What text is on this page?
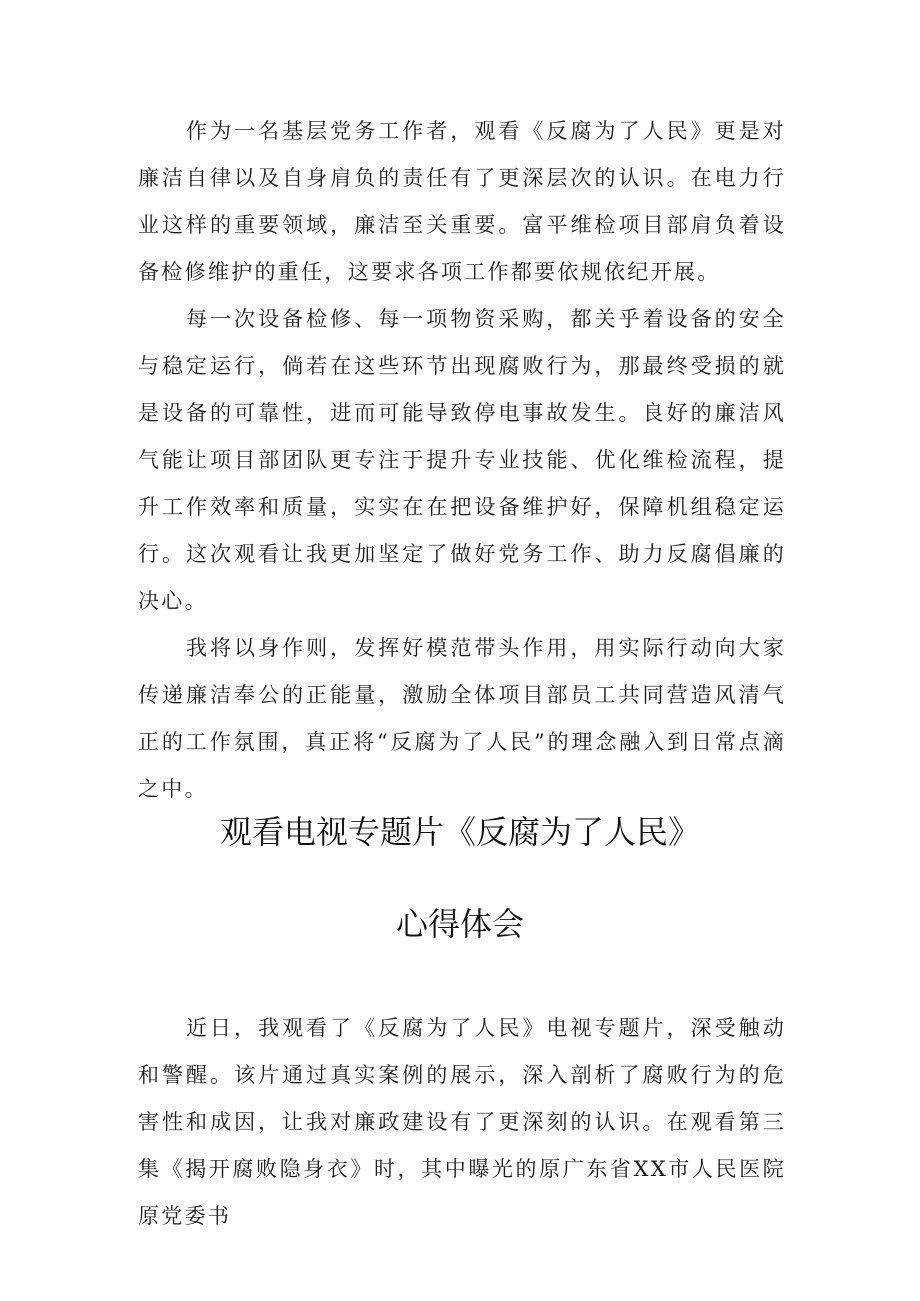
作为一名基层党务工作者，观看《反腐为了人民》更是对廉洁自律以及自身肩负的责任有了更深层次的认识。在电力行业这样的重要领域，廉洁至关重要。富平维检项目部肩负着设备检修维护的重任，这要求各项工作都要依规依纪开展。

每一次设备检修、每一项物资采购，都关乎着设备的安全与稳定运行，倘若在这些环节出现腐败行为，那最终受损的就是设备的可靠性，进而可能导致停电事故发生。良好的廉洁风气能让项目部团队更专注于提升专业技能、优化维检流程，提升工作效率和质量，实实在在把设备维护好，保障机组稳定运行。这次观看让我更加坚定了做好党务工作、助力反腐倡廉的决心。

我将以身作则，发挥好模范带头作用，用实际行动向大家传递廉洁奉公的正能量，激励全体项目部员工共同营造风清气正的工作氛围，真正将“反腐为了人民”的理念融入到日常点滴之中。

观看电视专题片《反腐为了人民》
心得体会

近日，我观看了《反腐为了人民》电视专题片，深受触动和警醒。该片通过真实案例的展示，深入剖析了腐败行为的危害性和成因，让我对廉政建设有了更深刻的认识。在观看第三集《揭开腐败隐身衣》时，其中曝光的原广东省XX市人民医院原党委书
